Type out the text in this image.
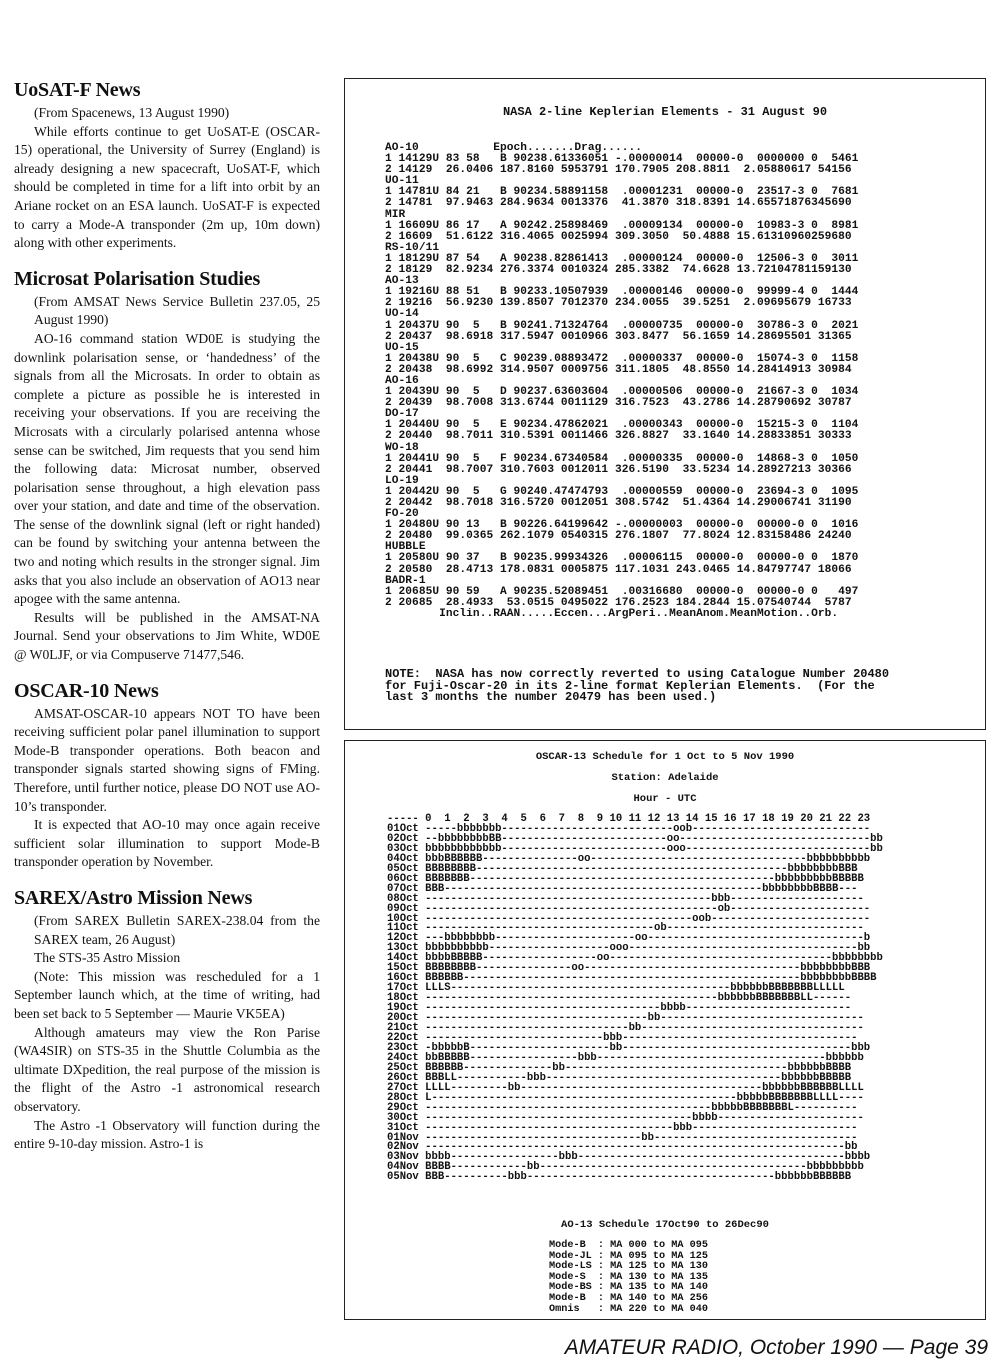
UoSAT-F News

(From Spacenews, 13 August 1990)

While efforts continue to get UoSAT-E (OSCAR-15) operational, the University of Surrey (England) is already designing a new spacecraft, UoSAT-F, which should be completed in time for a lift into orbit by an Ariane rocket on an ESA launch. UoSAT-F is expected to carry a Mode-A transponder (2m up, 10m down) along with other experiments.

Microsat Polarisation Studies

(From AMSAT News Service Bulletin 237.05, 25 August 1990)

AO-16 command station WD0E is studying the downlink polarisation sense, or ‘handedness’ of the signals from all the Microsats. In order to obtain as complete a picture as possible he is interested in receiving your observations. If you are receiving the Microsats with a circularly polarised antenna whose sense can be switched, Jim requests that you send him the following data: Microsat number, observed polarisation sense throughout, a high elevation pass over your station, and date and time of the observation. The sense of the downlink signal (left or right handed) can be found by switching your antenna between the two and noting which results in the stronger signal. Jim asks that you also include an observation of AO13 near apogee with the same antenna.

Results will be published in the AMSAT-NA Journal. Send your observations to Jim White, WD0E @ W0LJF, or via Compuserve 71477,546.

OSCAR-10 News

AMSAT-OSCAR-10 appears NOT TO have been receiving sufficient polar panel illumination to support Mode-B transponder operations. Both beacon and transponder signals started showing signs of FMing. Therefore, until further notice, please DO NOT use AO-10’s transponder.

It is expected that AO-10 may once again receive sufficient solar illumination to support Mode-B transponder operation by November.

SAREX/Astro Mission News

(From SAREX Bulletin SAREX-238.04 from the SAREX team, 26 August)

The STS-35 Astro Mission

(Note: This mission was rescheduled for a 1 September launch which, at the time of writing, had been set back to 5 September — Maurie VK5EA)

Although amateurs may view the Ron Parise (WA4SIR) on STS-35 in the Shuttle Columbia as the ultimate DXpedition, the real purpose of the mission is the flight of the Astro -1 astronomical research observatory.

The Astro -1 Observatory will function during the entire 9-10-day mission. Astro-1 is

NASA 2-line Keplerian Elements - 31 August 90
AO-10           Epoch.......Drag......
1 14129U 83 58   B 90238.61336051 -.00000014  00000-0  0000000 0  5461
2 14129  26.0406 187.8160 5953791 170.7905 208.8811  2.05880617 54156
UO-11
1 14781U 84 21   B 90234.58891158  .00001231  00000-0  23517-3 0  7681
2 14781  97.9463 284.9634 0013376  41.3870 318.8391 14.65571876345690
MIR
1 16609U 86 17   A 90242.25898469  .00009134  00000-0  10983-3 0  8981
2 16609  51.6122 316.4065 0025994 309.3050  50.4888 15.61310960259680
RS-10/11
1 18129U 87 54   A 90238.82861413  .00000124  00000-0  12506-3 0  3011
2 18129  82.9234 276.3374 0010324 285.3382  74.6628 13.72104781159130
AO-13
1 19216U 88 51   B 90233.10507939  .00000146  00000-0  99999-4 0  1444
2 19216  56.9230 139.8507 7012370 234.0055  39.5251  2.09695679 16733
UO-14
1 20437U 90  5   B 90241.71324764  .00000735  00000-0  30786-3 0  2021
2 20437  98.6918 317.5947 0010966 303.8477  56.1659 14.28695501 31365
UO-15
1 20438U 90  5   C 90239.08893472  .00000337  00000-0  15074-3 0  1158
2 20438  98.6992 314.9507 0009756 311.1805  48.8550 14.28414913 30984
AO-16
1 20439U 90  5   D 90237.63603604  .00000506  00000-0  21667-3 0  1034
2 20439  98.7008 313.6744 0011129 316.7523  43.2786 14.28790692 30787
DO-17
1 20440U 90  5   E 90234.47862021  .00000343  00000-0  15215-3 0  1104
2 20440  98.7011 310.5391 0011466 326.8827  33.1640 14.28833851 30333
WO-18
1 20441U 90  5   F 90234.67340584  .00000335  00000-0  14868-3 0  1050
2 20441  98.7007 310.7603 0012011 326.5190  33.5234 14.28927213 30366
LO-19
1 20442U 90  5   G 90240.47474793  .00000559  00000-0  23694-3 0  1095
2 20442  98.7018 316.5720 0012051 308.5742  51.4364 14.29006741 31190
FO-20
1 20480U 90 13   B 90226.64199642 -.00000003  00000-0  00000-0 0  1016
2 20480  99.0365 262.1079 0540315 276.1807  77.8024 12.83158486 24240
HUBBLE
1 20580U 90 37   B 90235.99934326  .00006115  00000-0  00000-0 0  1870
2 20580  28.4713 178.0831 0005875 117.1031 243.0465 14.84797747 18066
BADR-1
1 20685U 90 59   A 90235.52089451  .00316680  00000-0  00000-0 0   497
2 20685  28.4933  53.0515 0495022 176.2523 184.2844 15.07540744  5787
Inclin..RAAN.....Eccen...ArgPeri..MeanAnom.MeanMotion..Orb.
NOTE:  NASA has now correctly reverted to using Catalogue Number 20480
for Fuji-Oscar-20 in its 2-line format Keplerian Elements.  (For the
last 3 months the number 20479 has been used.)
OSCAR-13 Schedule for 1 Oct to 5 Nov 1990
Station: Adelaide
Hour - UTC
----- 0  1  2  3  4  5  6  7  8  9 10 11 12 13 14 15 16 17 18 19 20 21 22 23
01Oct -----bbbbbbb---------------------------oob----------------------------
02Oct --bbbbbbbbBB--------------------------oo------------------------------bb
03Oct bbbbbbbbbbbb--------------------------ooo-----------------------------bb
04Oct bbbBBBBBB---------------oo----------------------------------bbbbbbbbbb
05Oct BBBBBBBB-------------------------------------------------bbbbbbbbBBB
06Oct BBBBBBB------------------------------------------------bbbbbbbbbBBBBB
07Oct BBB--------------------------------------------------bbbbbbbbBBBB---
08Oct ---------------------------------------------bbb---------------------
09Oct ----------------------------------------------ob----------------------
10Oct ------------------------------------------oob-------------------------
11Oct ------------------------------------ob-------------------------------
12Oct ---bbbbbbbb----------------------oo----------------------------------b
13Oct bbbbbbbbbb-------------------ooo------------------------------------bb
14Oct bbbbBBBBB------------------oo-----------------------------------bbbbbbbb
15Oct BBBBBBBB---------------oo----------------------------------bbbbbbbbBBB
16Oct BBBBBB-----------------------------------------------------bbbbbbbbBBBB
17Oct LLLS--------------------------------------------bbbbbbBBBBBBBLLLLL
18Oct ----------------------------------------------bbbbbbBBBBBBBLL------
19Oct -------------------------------------bbbb--------------------------
20Oct -----------------------------------bb--------------------------------
21Oct --------------------------------bb-----------------------------------
22Oct ----------------------------bbb-------------------------------------
23Oct -bbbbbB----------------------bb------------------------------------bbb
24Oct bbBBBBB-----------------bbb------------------------------------bbbbbb
25Oct BBBBBB--------------bb-----------------------------------bbbbbbBBBB
26Oct BBBLL-----------bbb-------------------------------------bbbbbbBBBBB
27Oct LLLL---------bb--------------------------------------bbbbbbBBBBBBLLLL
28Oct L------------------------------------------------bbbbbBBBBBBBLLLL----
29Oct ---------------------------------------------bbbbbBBBBBBBL----------
30Oct ------------------------------------------bbbb-----------------------
31Oct ---------------------------------------bbb--------------------------
01Nov ----------------------------------bb--------------------------------
02Nov ------------------------------------------------------------------bb
03Nov bbbb-----------------bbb------------------------------------------bbbb
04Nov BBBB------------bb------------------------------------------bbbbbbbbb
05Nov BBB----------bbb---------------------------------------bbbbbbBBBBBB
AO-13 Schedule 17Oct90 to 26Dec90
Mode-B  : MA 000 to MA 095
Mode-JL : MA 095 to MA 125
Mode-LS : MA 125 to MA 130
Mode-S  : MA 130 to MA 135
Mode-BS : MA 135 to MA 140
Mode-B  : MA 140 to MA 256
Omnis   : MA 220 to MA 040
AMATEUR RADIO, October 1990 — Page 39
